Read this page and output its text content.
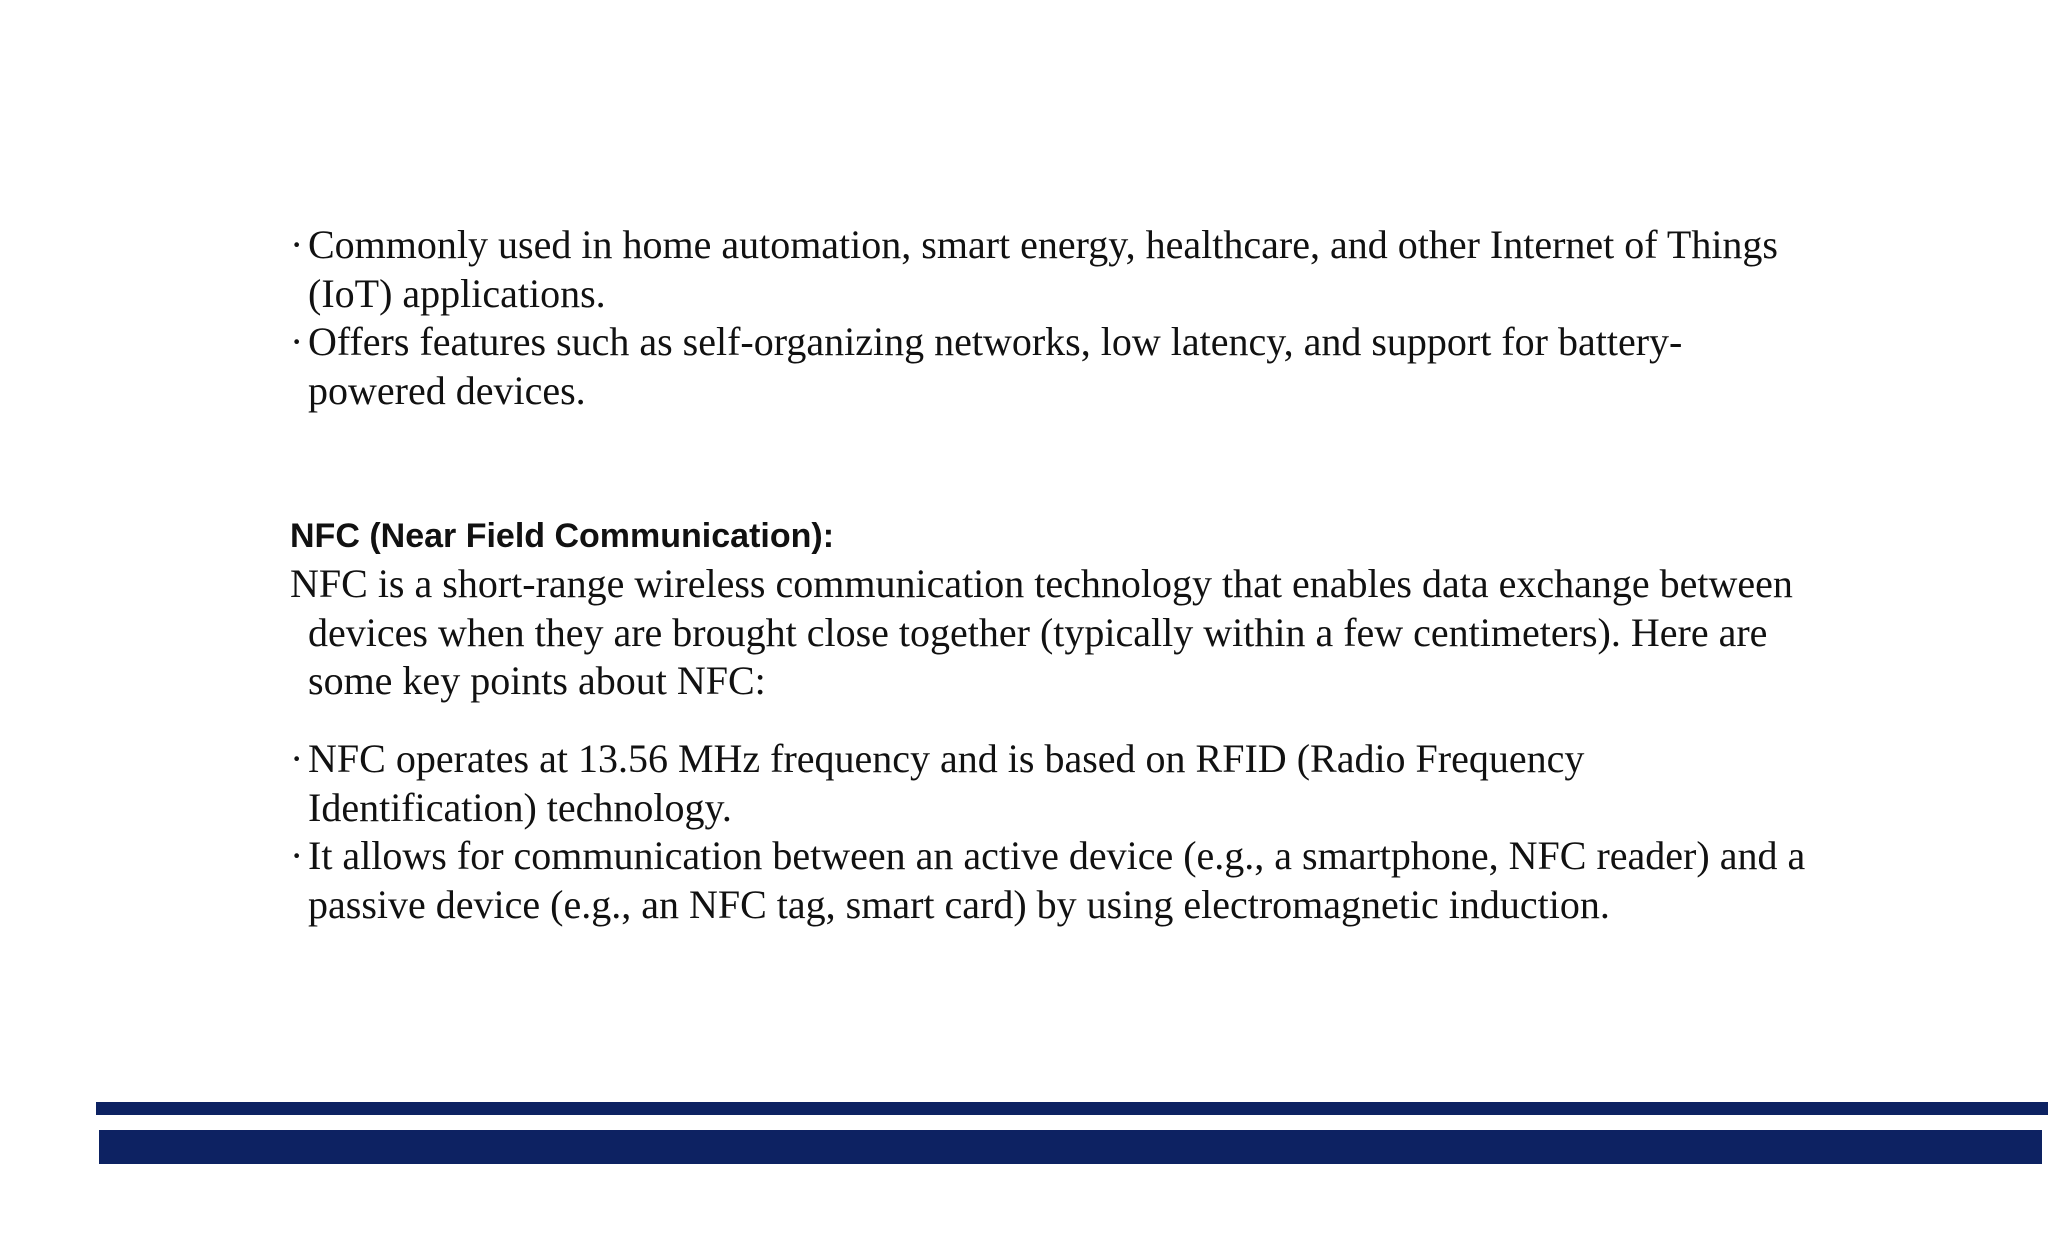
· Commonly used in home automation, smart energy, healthcare, and other Internet of Things (IoT) applications.
· Offers features such as self-organizing networks, low latency, and support for battery-powered devices.
NFC (Near Field Communication):
NFC is a short-range wireless communication technology that enables data exchange between devices when they are brought close together (typically within a few centimeters). Here are some key points about NFC:
· NFC operates at 13.56 MHz frequency and is based on RFID (Radio Frequency Identification) technology.
· It allows for communication between an active device (e.g., a smartphone, NFC reader) and a passive device (e.g., an NFC tag, smart card) by using electromagnetic induction.
